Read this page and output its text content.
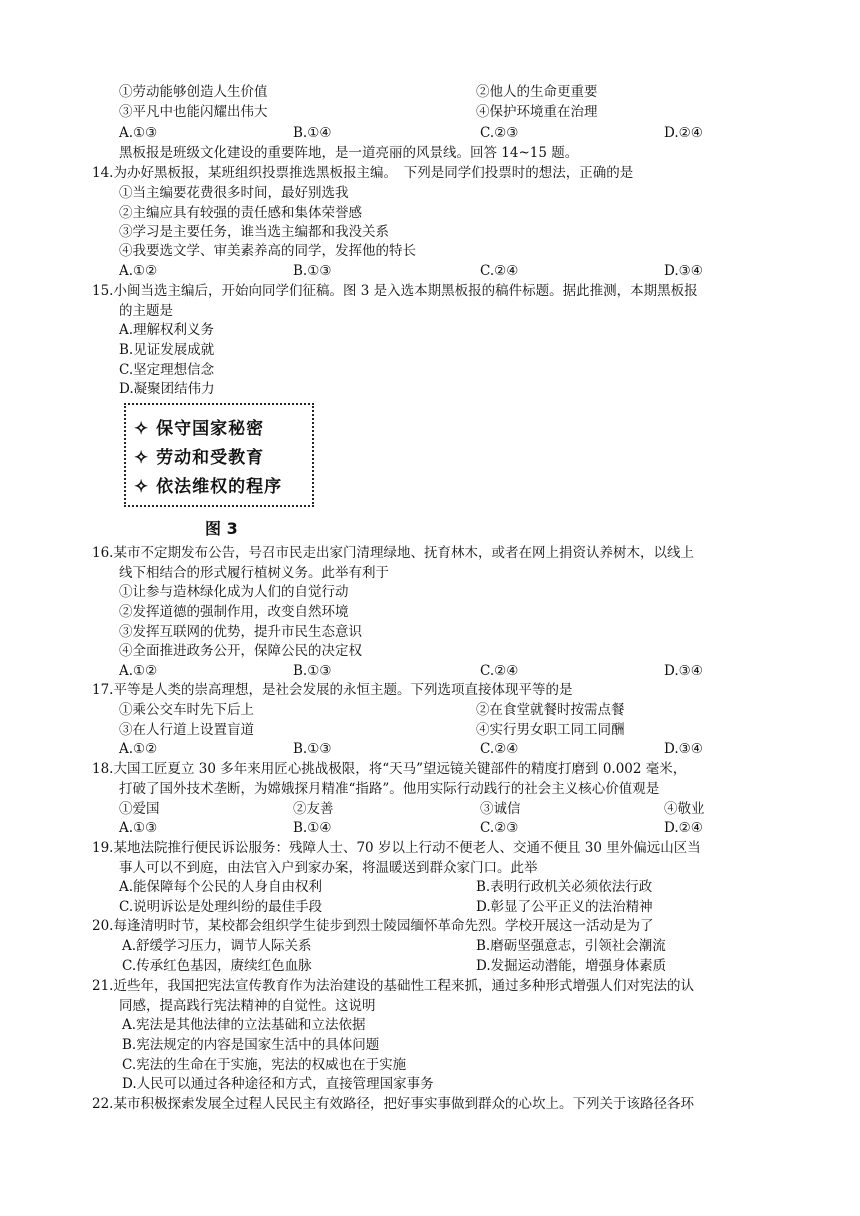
①劳动能够创造人生价值	②他人的生命更重要
③平凡中也能闪耀出伟大	④保护环境重在治理
A.①③	B.①④	C.②③	D.②④
黑板报是班级文化建设的重要阵地，是一道亮丽的风景线。回答 14~15 题。
14.为办好黑板报，某班组织投票推选黑板报主编。　下列是同学们投票时的想法，正确的是
①当主编要花费很多时间，最好别选我
②主编应具有较强的责任感和集体荣誉感
③学习是主要任务，谁当选主编都和我没关系
④我要选文学、审美素养高的同学，发挥他的特长
A.①②	B.①③	C.②④	D.③④
15.小闽当选主编后，开始向同学们征稿。图 3 是入选本期黑板报的稿件标题。据此推测，本期黑板报
的主题是
A.理解权利义务
B.见证发展成就
C.坚定理想信念
D.凝聚团结伟力
✧ 保守国家秘密
✧ 劳动和受教育
✧ 依法维权的程序
图 3
16.某市不定期发布公告，号召市民走出家门清理绿地、抚育林木，或者在网上捐资认养树木，以线上
线下相结合的形式履行植树义务。此举有利于
①让参与造林绿化成为人们的自觉行动
②发挥道德的强制作用，改变自然环境
③发挥互联网的优势，提升市民生态意识
④全面推进政务公开，保障公民的决定权
A.①②	B.①③	C.②④	D.③④
17.平等是人类的崇高理想，是社会发展的永恒主题。下列选项直接体现平等的是
①乘公交车时先下后上	②在食堂就餐时按需点餐
③在人行道上设置盲道	④实行男女职工同工同酬
A.①②	B.①③	C.②④	D.③④
18.大国工匠夏立 30 多年来用匠心挑战极限，将“天马”望远镜关键部件的精度打磨到 0.002 毫米，
打破了国外技术垄断，为嫦娥探月精准“指路”。他用实际行动践行的社会主义核心价值观是
①爱国	②友善	③诚信	④敬业
A.①③	B.①④	C.②③	D.②④
19.某地法院推行便民诉讼服务：残障人士、70 岁以上行动不便老人、交通不便且 30 里外偏远山区当
事人可以不到庭，由法官入户到家办案，将温暖送到群众家门口。此举
A.能保障每个公民的人身自由权利	B.表明行政机关必须依法行政
C.说明诉讼是处理纠纷的最佳手段	D.彰显了公平正义的法治精神
20.每逢清明时节，某校都会组织学生徒步到烈士陵园缅怀革命先烈。学校开展这一活动是为了
A.舒缓学习压力，调节人际关系	B.磨砺坚强意志，引领社会潮流
C.传承红色基因，赓续红色血脉	D.发掘运动潜能，增强身体素质
21.近些年，我国把宪法宣传教育作为法治建设的基础性工程来抓，通过多种形式增强人们对宪法的认
同感，提高践行宪法精神的自觉性。这说明
A.宪法是其他法律的立法基础和立法依据
B.宪法规定的内容是国家生活中的具体问题
C.宪法的生命在于实施，宪法的权威也在于实施
D.人民可以通过各种途径和方式，直接管理国家事务
22.某市积极探索发展全过程人民民主有效路径，把好事实事做到群众的心坎上。下列关于该路径各环
